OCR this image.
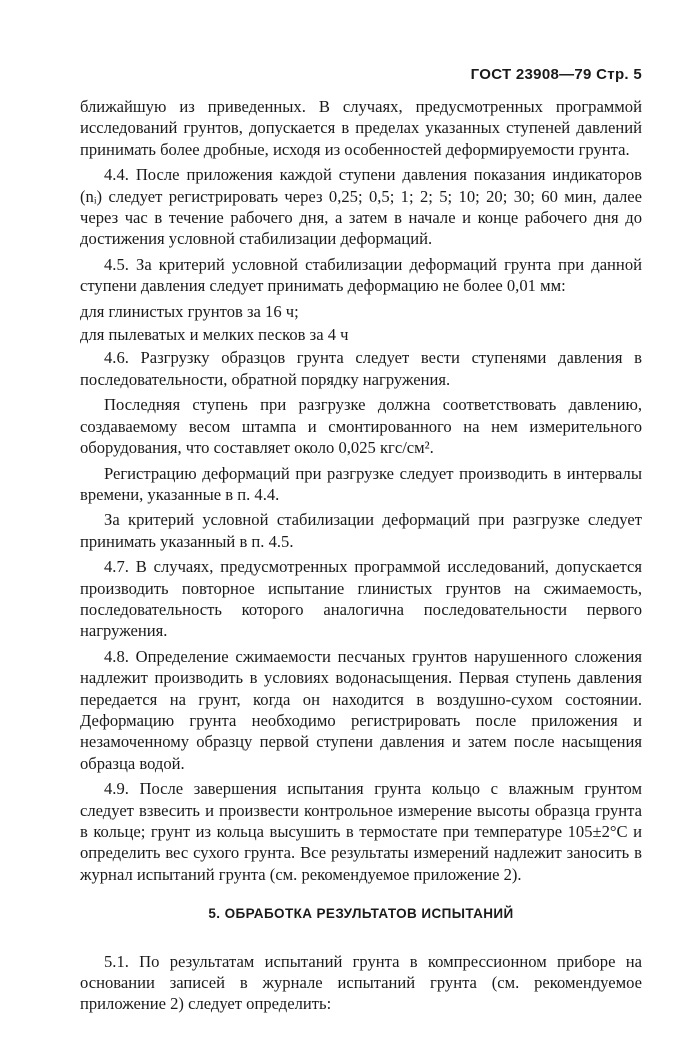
ГОСТ 23908—79 Стр. 5

ближайшую из приведенных. В случаях, предусмотренных программой исследований грунтов, допускается в пределах указанных ступеней давлений принимать более дробные, исходя из особенностей деформируемости грунта.

4.4. После приложения каждой ступени давления показания индикаторов (nᵢ) следует регистрировать через 0,25; 0,5; 1; 2; 5; 10; 20; 30; 60 мин, далее через час в течение рабочего дня, а затем в начале и конце рабочего дня до достижения условной стабилизации деформаций.

4.5. За критерий условной стабилизации деформаций грунта при данной ступени давления следует принимать деформацию не более 0,01 мм:

для глинистых грунтов за 16 ч;

для пылеватых и мелких песков за 4 ч

4.6. Разгрузку образцов грунта следует вести ступенями давления в последовательности, обратной порядку нагружения.

Последняя ступень при разгрузке должна соответствовать давлению, создаваемому весом штампа и смонтированного на нем измерительного оборудования, что составляет около 0,025 кгс/см².

Регистрацию деформаций при разгрузке следует производить в интервалы времени, указанные в п. 4.4.

За критерий условной стабилизации деформаций при разгрузке следует принимать указанный в п. 4.5.

4.7. В случаях, предусмотренных программой исследований, допускается производить повторное испытание глинистых грунтов на сжимаемость, последовательность которого аналогична последовательности первого нагружения.

4.8. Определение сжимаемости песчаных грунтов нарушенного сложения надлежит производить в условиях водонасыщения. Первая ступень давления передается на грунт, когда он находится в воздушно-сухом состоянии. Деформацию грунта необходимо регистрировать после приложения и незамоченному образцу первой ступени давления и затем после насыщения образца водой.

4.9. После завершения испытания грунта кольцо с влажным грунтом следует взвесить и произвести контрольное измерение высоты образца грунта в кольце; грунт из кольца высушить в термостате при температуре 105±2°C и определить вес сухого грунта. Все результаты измерений надлежит заносить в журнал испытаний грунта (см. рекомендуемое приложение 2).

5. ОБРАБОТКА РЕЗУЛЬТАТОВ ИСПЫТАНИЙ

5.1. По результатам испытаний грунта в компрессионном приборе на основании записей в журнале испытаний грунта (см. рекомендуемое приложение 2) следует определить:
